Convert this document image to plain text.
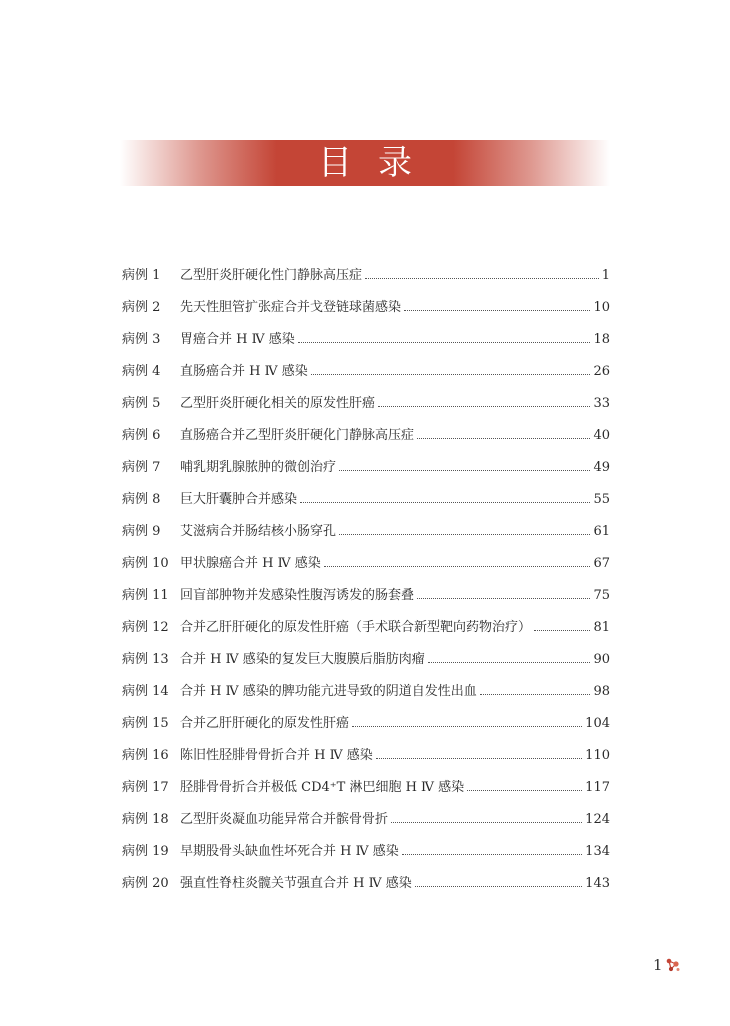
目录
病例 1	乙型肝炎肝硬化性门静脉高压症	1
病例 2	先天性胆管扩张症合并戈登链球菌感染	10
病例 3	胃癌合并 H Ⅳ 感染	18
病例 4	直肠癌合并 H Ⅳ 感染	26
病例 5	乙型肝炎肝硬化相关的原发性肝癌	33
病例 6	直肠癌合并乙型肝炎肝硬化门静脉高压症	40
病例 7	哺乳期乳腺脓肿的微创治疗	49
病例 8	巨大肝囊肿合并感染	55
病例 9	艾滋病合并肠结核小肠穿孔	61
病例 10 甲状腺癌合并 H Ⅳ 感染	67
病例 11 回盲部肿物并发感染性腹泻诱发的肠套叠	75
病例 12 合并乙肝肝硬化的原发性肝癌（手术联合新型靶向药物治疗）	81
病例 13 合并 H Ⅳ 感染的复发巨大腹膜后脂肪肉瘤	90
病例 14 合并 H Ⅳ 感染的脾功能亢进导致的阴道自发性出血	98
病例 15 合并乙肝肝硬化的原发性肝癌	104
病例 16 陈旧性胫腓骨骨折合并 H Ⅳ 感染	110
病例 17 胫腓骨骨折合并极低 CD4⁺T 淋巴细胞 H Ⅳ 感染	117
病例 18 乙型肝炎凝血功能异常合并髌骨骨折	124
病例 19 早期股骨头缺血性坏死合并 H Ⅳ 感染	134
病例 20 强直性脊柱炎髋关节强直合并 H Ⅳ 感染	143
1
